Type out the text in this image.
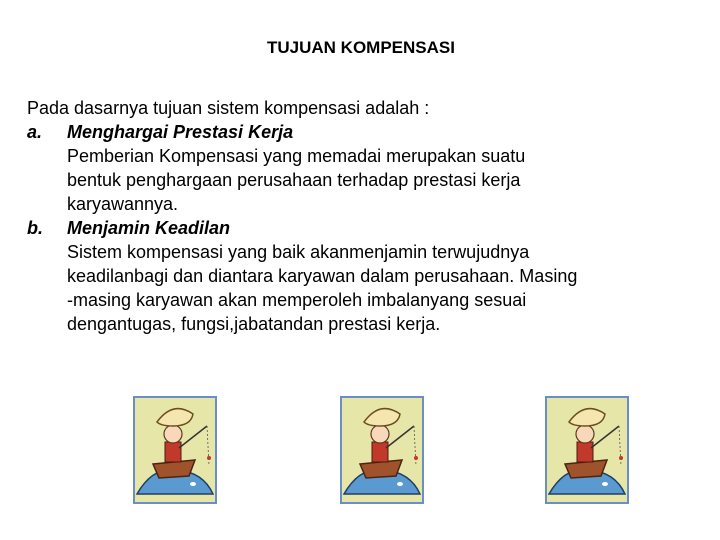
TUJUAN KOMPENSASI

Pada dasarnya tujuan sistem kompensasi adalah :

a. Menghargai Prestasi Kerja
Pemberian Kompensasi yang memadai merupakan suatu
bentuk penghargaan perusahaan terhadap prestasi kerja
karyawannya.
b. Menjamin Keadilan
Sistem kompensasi yang baik akanmenjamin terwujudnya
keadilanbagi dan diantara karyawan dalam perusahaan. Masing
-masing karyawan akan memperoleh imbalanyang sesuai
dengantugas, fungsi,jabatandan prestasi kerja.
